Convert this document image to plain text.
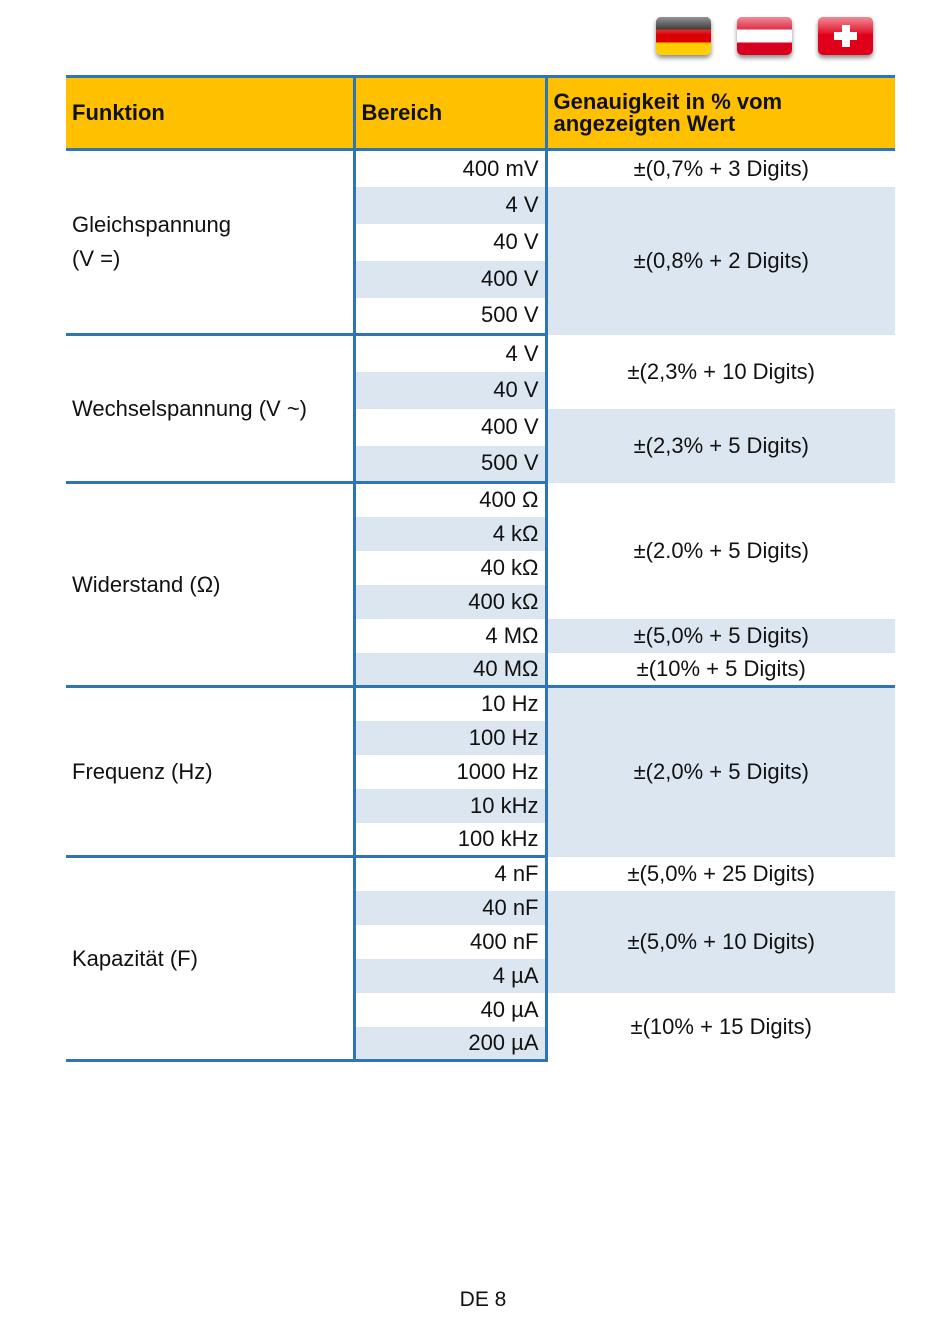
Funktion	Bereich	Genauigkeit in % vom
angezeigten Wert
Gleichspannung
(V =)	400 mV	±(0,7% + 3 Digits)
	4 V	±(0,8% + 2 Digits)
	40 V	
	400 V	
	500 V	
Wechselspannung (V ~)	4 V	±(2,3% + 10 Digits)
	40 V	
	400 V	±(2,3% + 5 Digits)
	500 V	
Widerstand (Ω)	400 Ω	±(2.0% + 5 Digits)
	4 kΩ	
	40 kΩ	
	400 kΩ	
	4 MΩ	±(5,0% + 5 Digits)
	40 MΩ	±(10% + 5 Digits)
Frequenz (Hz)	10 Hz	±(2,0% + 5 Digits)
	100 Hz	
	1000 Hz	
	10 kHz	
	100 kHz	
Kapazität (F)	4 nF	±(5,0% + 25 Digits)
	40 nF	±(5,0% + 10 Digits)
	400 nF	
	4 µA	
	40 µA	±(10% + 15 Digits)
	200 µA	
DE 8
